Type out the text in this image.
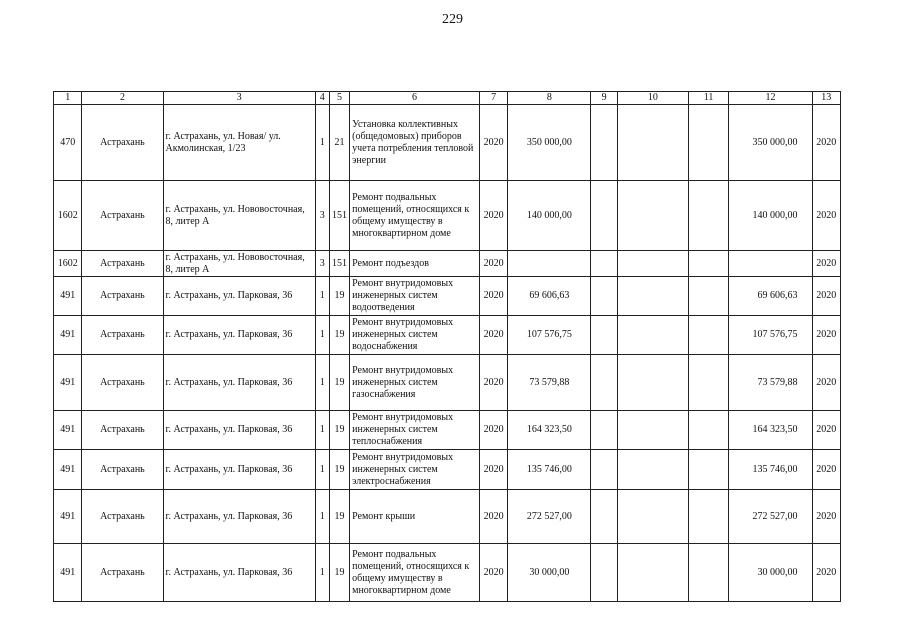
229
1	2	3	4	5	6	7	8	9	10	11	12	13
470	Астрахань	г. Астрахань, ул. Новая/ ул. Акмолинская, 1/23	1	21	Установка коллективных (общедомовых) приборов учета потребления тепловой энергии	2020	350 000,00				350 000,00	2020
1602	Астрахань	г. Астрахань, ул. Нововосточная, 8, литер А	3	151	Ремонт подвальных помещений, относящихся к общему имуществу в многоквартирном доме	2020	140 000,00				140 000,00	2020
1602	Астрахань	г. Астрахань, ул. Нововосточная, 8, литер А	3	151	Ремонт подъездов	2020						2020
491	Астрахань	г. Астрахань, ул. Парковая, 36	1	19	Ремонт внутридомовых инженерных систем водоотведения	2020	69 606,63				69 606,63	2020
491	Астрахань	г. Астрахань, ул. Парковая, 36	1	19	Ремонт внутридомовых инженерных систем водоснабжения	2020	107 576,75				107 576,75	2020
491	Астрахань	г. Астрахань, ул. Парковая, 36	1	19	Ремонт внутридомовых инженерных систем газоснабжения	2020	73 579,88				73 579,88	2020
491	Астрахань	г. Астрахань, ул. Парковая, 36	1	19	Ремонт внутридомовых инженерных систем теплоснабжения	2020	164 323,50				164 323,50	2020
491	Астрахань	г. Астрахань, ул. Парковая, 36	1	19	Ремонт внутридомовых инженерных систем электроснабжения	2020	135 746,00				135 746,00	2020
491	Астрахань	г. Астрахань, ул. Парковая, 36	1	19	Ремонт крыши	2020	272 527,00				272 527,00	2020
491	Астрахань	г. Астрахань, ул. Парковая, 36	1	19	Ремонт подвальных помещений, относящихся к общему имуществу в многоквартирном доме	2020	30 000,00				30 000,00	2020
